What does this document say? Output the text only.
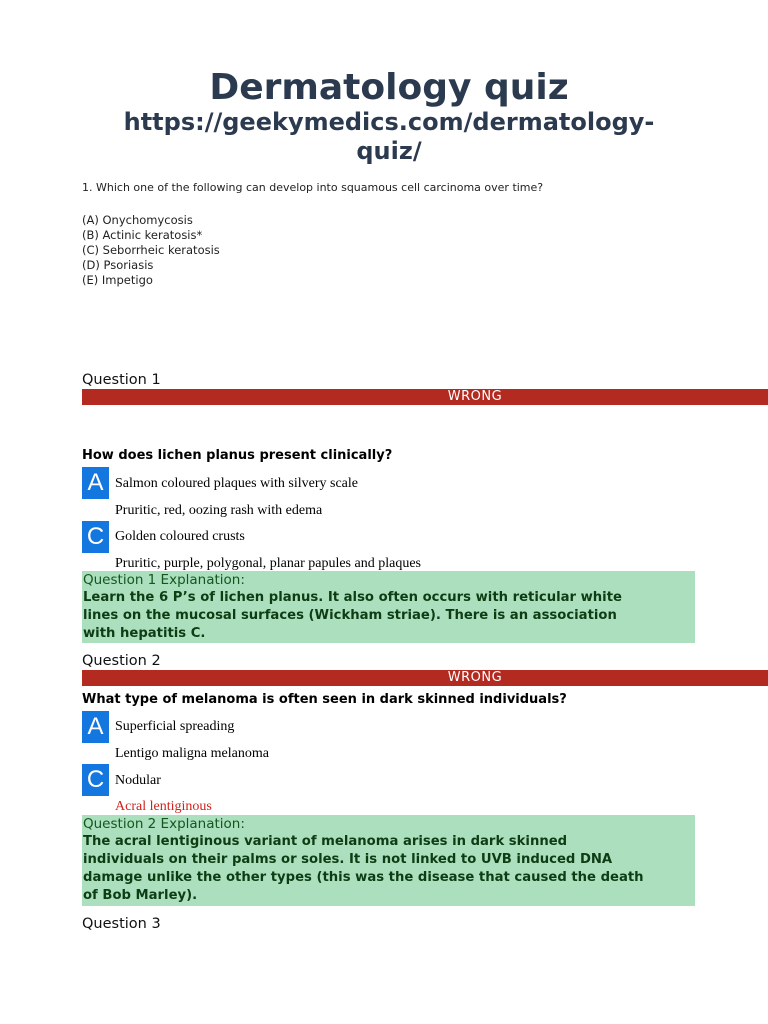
Dermatology quiz
https://geekymedics.com/dermatology-
quiz/
1. Which one of the following can develop into squamous cell carcinoma over time?
(A) Onychomycosis
(B) Actinic keratosis*
(C) Seborrheic keratosis
(D) Psoriasis
(E) Impetigo
Question 1
WRONG
How does lichen planus present clinically?
A Salmon coloured plaques with silvery scale
Pruritic, red, oozing rash with edema
C Golden coloured crusts
Pruritic, purple, polygonal, planar papules and plaques

Question 1 Explanation:

Learn the 6 P’s of lichen planus. It also often occurs with reticular white

lines on the mucosal surfaces (Wickham striae). There is an association

with hepatitis C.

Question 2
WRONG
What type of melanoma is often seen in dark skinned individuals?
A Superficial spreading
Lentigo maligna melanoma
C Nodular
Acral lentiginous

Question 2 Explanation:

The acral lentiginous variant of melanoma arises in dark skinned

individuals on their palms or soles. It is not linked to UVB induced DNA

damage unlike the other types (this was the disease that caused the death

of Bob Marley).

Question 3
